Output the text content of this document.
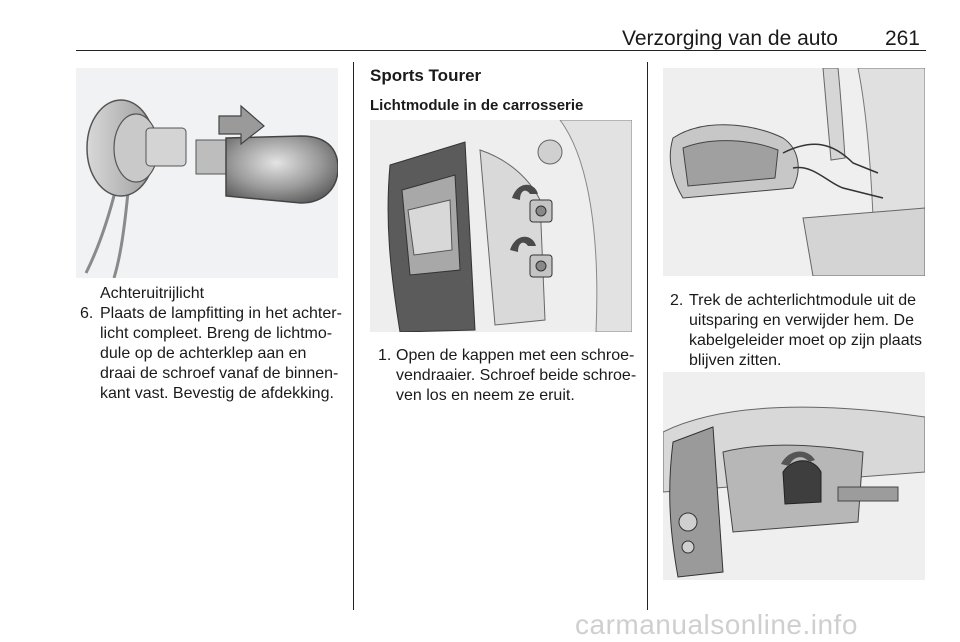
Verzorging van de auto 261
Achteruitrijlicht
6. Plaats de lampfitting in het achter-
licht compleet. Breng de lichtmo-
dule op de achterklep aan en
draai de schroef vanaf de binnen-
kant vast. Bevestig de afdekking.
Sports Tourer
Lichtmodule in de carrosserie
1. Open de kappen met een schroe-
vendraaier. Schroef beide schroe-
ven los en neem ze eruit.
2. Trek de achterlichtmodule uit de
uitsparing en verwijder hem. De
kabelgeleider moet op zijn plaats
blijven zitten.
carmanualsonline.info
